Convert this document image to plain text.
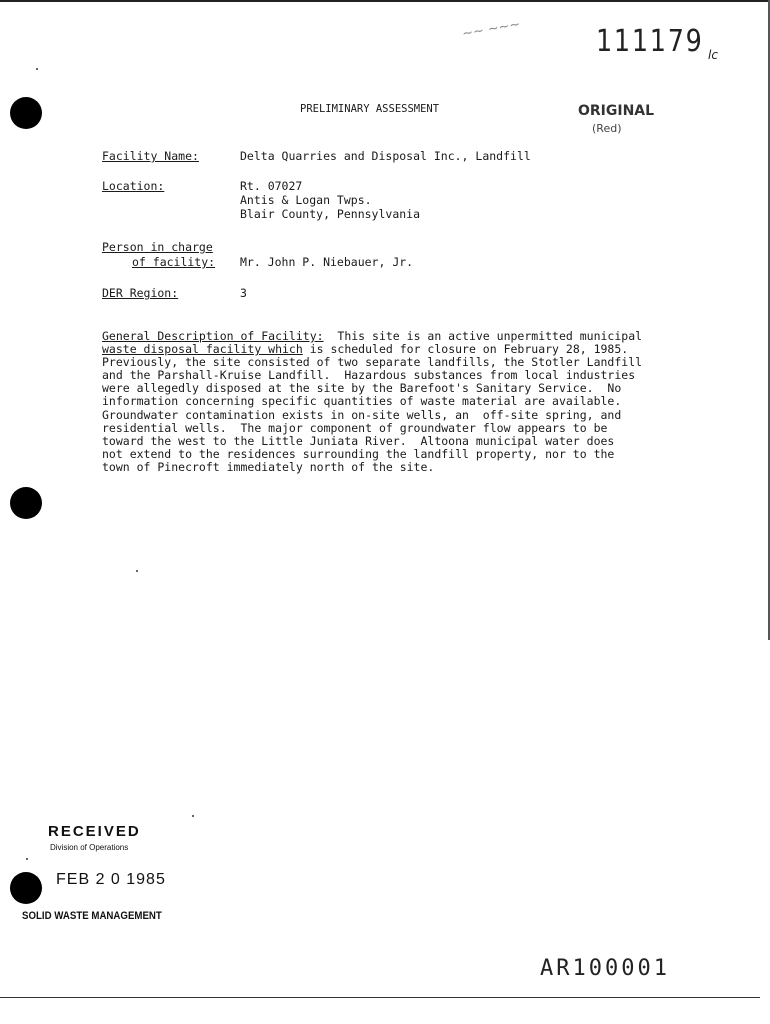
~~ ~~~ 111179 lc
PRELIMINARY ASSESSMENT	ORIGINAL
(Red)
Facility Name:	Delta Quarries and Disposal Inc., Landfill
Location:	Rt. 07027
Antis & Logan Twps.
Blair County, Pennsylvania
Person in charge
of facility: Mr. John P. Niebauer, Jr.
DER Region:	3
General Description of Facility:  This site is an active unpermitted municipal
waste disposal facility which is scheduled for closure on February 28, 1985.
Previously, the site consisted of two separate landfills, the Stotler Landfill
and the Parshall-Kruise Landfill.  Hazardous substances from local industries
were allegedly disposed at the site by the Barefoot's Sanitary Service.  No
information concerning specific quantities of waste material are available.
Groundwater contamination exists in on-site wells, an  off-site spring, and
residential wells.  The major component of groundwater flow appears to be
toward the west to the Little Juniata River.  Altoona municipal water does
not extend to the residences surrounding the landfill property, nor to the
town of Pinecroft immediately north of the site.
RECEIVED
Division of Operations
FEB 2 0 1985
SOLID WASTE MANAGEMENT
AR100001
